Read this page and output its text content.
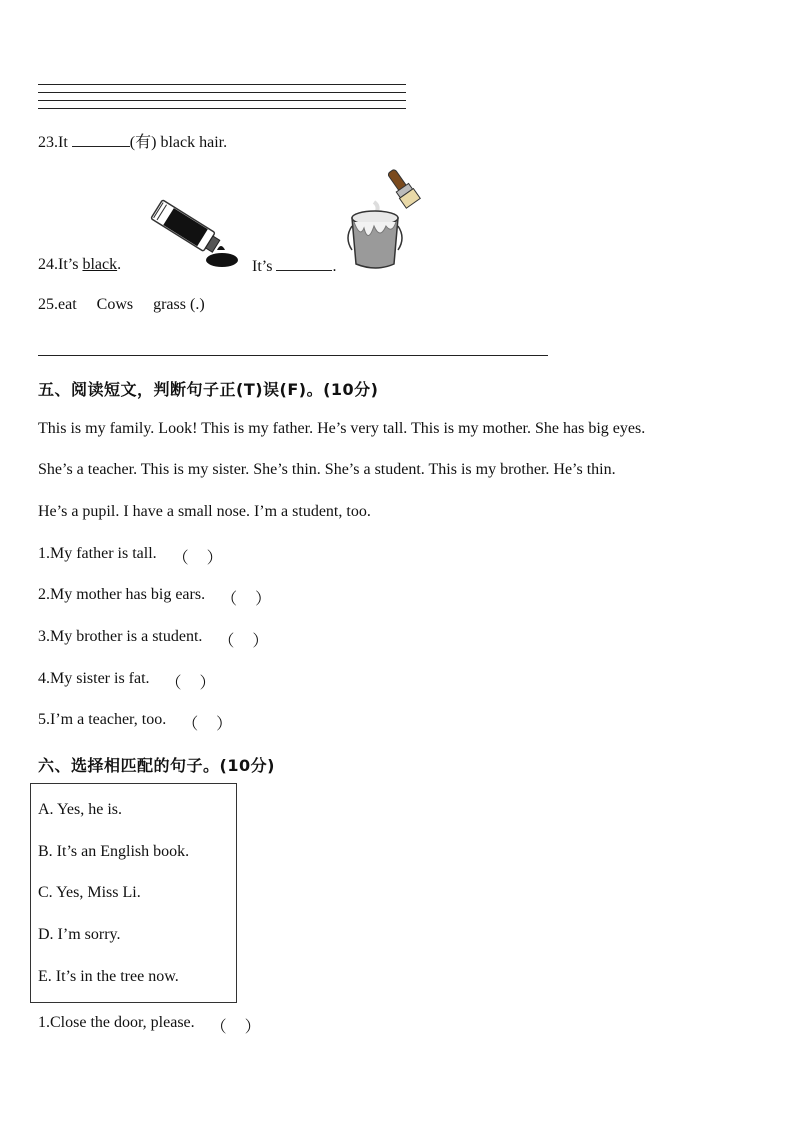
23.It	(有) black hair.
24.It’s black.	It’s	.
25.eat     Cows     grass (.)
五、阅读短文，判断句子正(T)误(F)。(10分)
This is my family. Look! This is my father. He’s very tall. This is my mother. She has big eyes.
She’s a teacher. This is my sister. She’s thin. She’s a student. This is my brother. He’s thin.
He’s a pupil. I have a small nose. I’m a student, too.
1.My father is tall. （ ）

2.My mother has big ears. （ ）

3.My brother is a student. （ ）

4.My sister is fat. （ ）

5.I’m a teacher, too. （ ）

六、选择相匹配的句子。(10分)
A. Yes, he is.
B. It’s an English book.
C. Yes, Miss Li.
D. I’m sorry.
E. It’s in the tree now.
1.Close the door, please. （ ）
